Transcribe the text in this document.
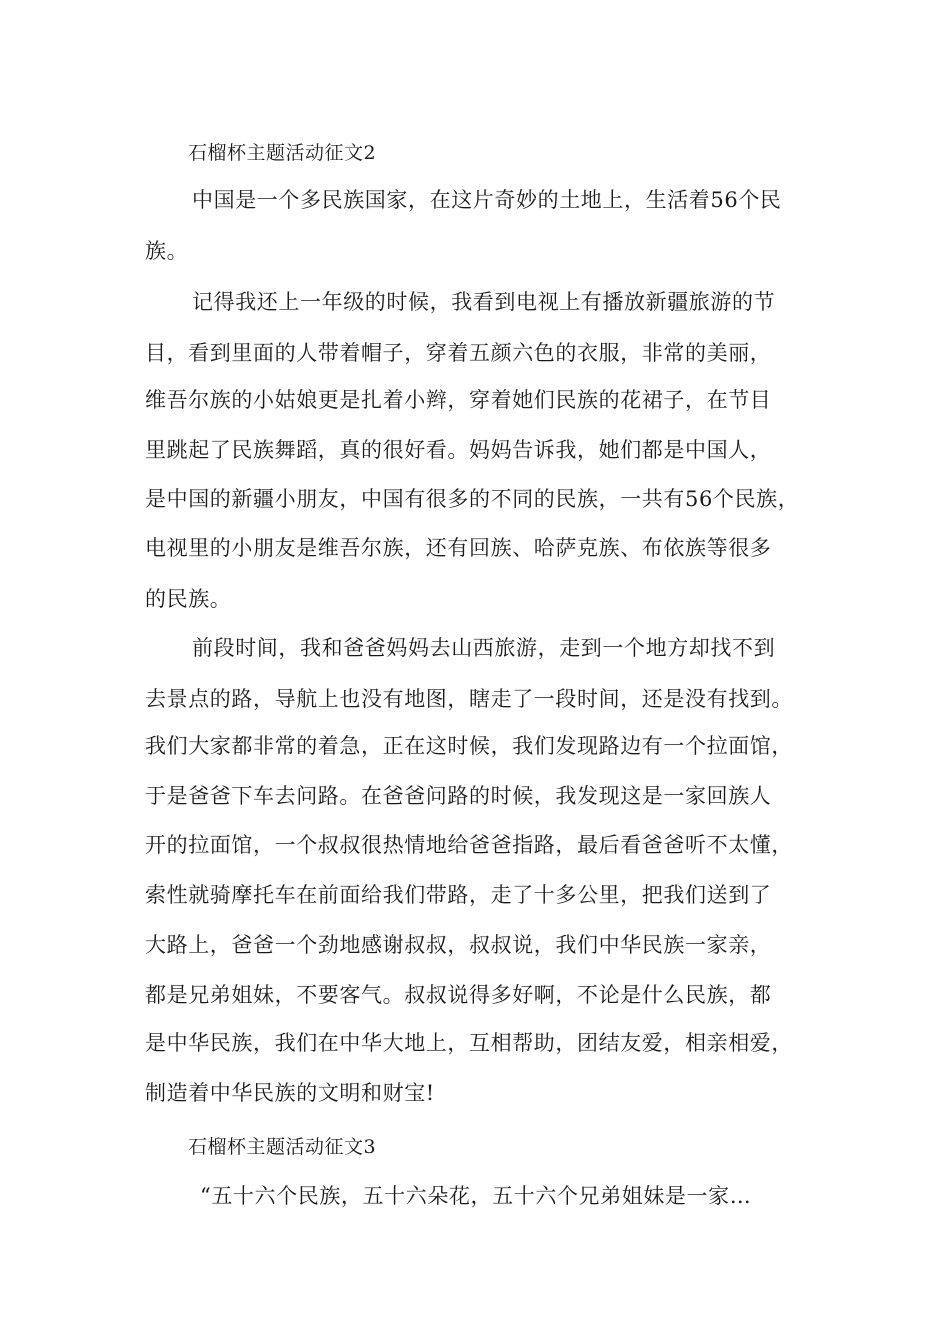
石榴杯主题活动征文2
中国是一个多民族国家，在这片奇妙的土地上，生活着56个民
族。
记得我还上一年级的时候，我看到电视上有播放新疆旅游的节
目，看到里面的人带着帽子，穿着五颜六色的衣服，非常的美丽，
维吾尔族的小姑娘更是扎着小辫，穿着她们民族的花裙子，在节目
里跳起了民族舞蹈，真的很好看。妈妈告诉我，她们都是中国人，
是中国的新疆小朋友，中国有很多的不同的民族，一共有56个民族，
电视里的小朋友是维吾尔族，还有回族、哈萨克族、布依族等很多
的民族。
前段时间，我和爸爸妈妈去山西旅游，走到一个地方却找不到
去景点的路，导航上也没有地图，瞎走了一段时间，还是没有找到。
我们大家都非常的着急，正在这时候，我们发现路边有一个拉面馆，
于是爸爸下车去问路。在爸爸问路的时候，我发现这是一家回族人
开的拉面馆，一个叔叔很热情地给爸爸指路，最后看爸爸听不太懂，
索性就骑摩托车在前面给我们带路，走了十多公里，把我们送到了
大路上，爸爸一个劲地感谢叔叔，叔叔说，我们中华民族一家亲，
都是兄弟姐妹，不要客气。叔叔说得多好啊，不论是什么民族，都
是中华民族，我们在中华大地上，互相帮助，团结友爱，相亲相爱，
制造着中华民族的文明和财宝!
石榴杯主题活动征文3
“五十六个民族，五十六朵花，五十六个兄弟姐妹是一家…
